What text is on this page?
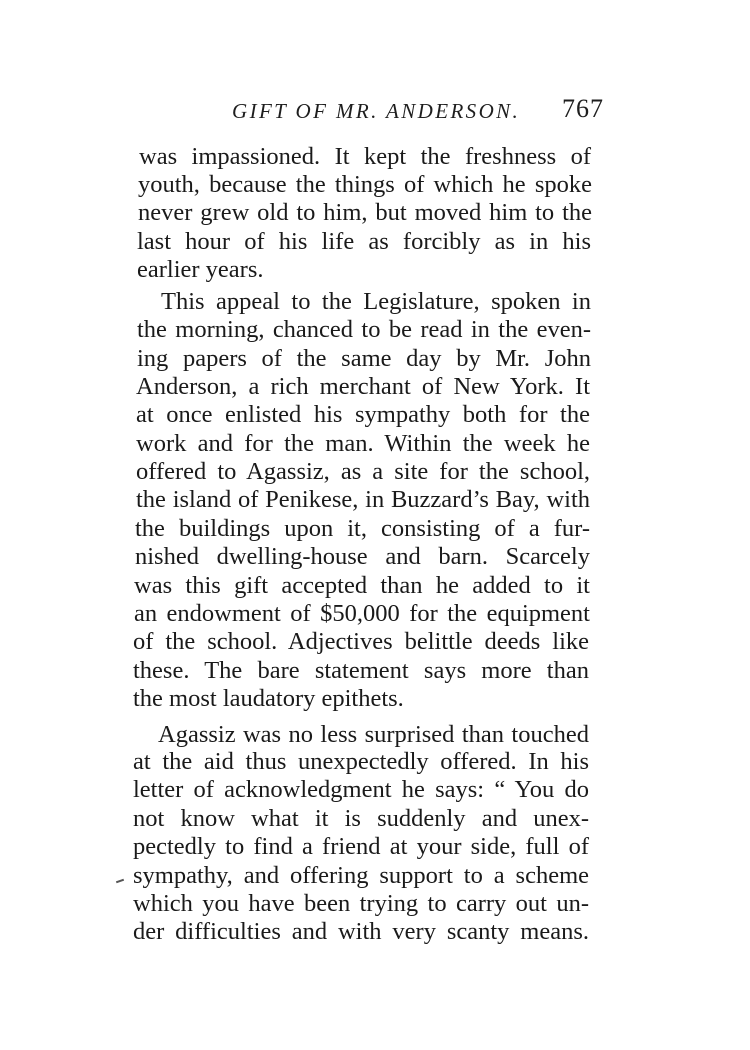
GIFT OF MR. ANDERSON. 767
was impassioned. It kept the freshness of
youth, because the things of which he spoke
never grew old to him, but moved him to the
last hour of his life as forcibly as in his
earlier years.
This appeal to the Legislature, spoken in
the morning, chanced to be read in the even-
ing papers of the same day by Mr. John
Anderson, a rich merchant of New York. It
at once enlisted his sympathy both for the
work and for the man. Within the week he
offered to Agassiz, as a site for the school,
the island of Penikese, in Buzzard’s Bay, with
the buildings upon it, consisting of a fur-
nished dwelling-house and barn. Scarcely
was this gift accepted than he added to it
an endowment of $50,000 for the equipment
of the school. Adjectives belittle deeds like
these. The bare statement says more than
the most laudatory epithets.
Agassiz was no less surprised than touched
at the aid thus unexpectedly offered. In his
letter of acknowledgment he says: “ You do
not know what it is suddenly and unex-
pectedly to find a friend at your side, full of
sympathy, and offering support to a scheme
which you have been trying to carry out un-
der difficulties and with very scanty means.
